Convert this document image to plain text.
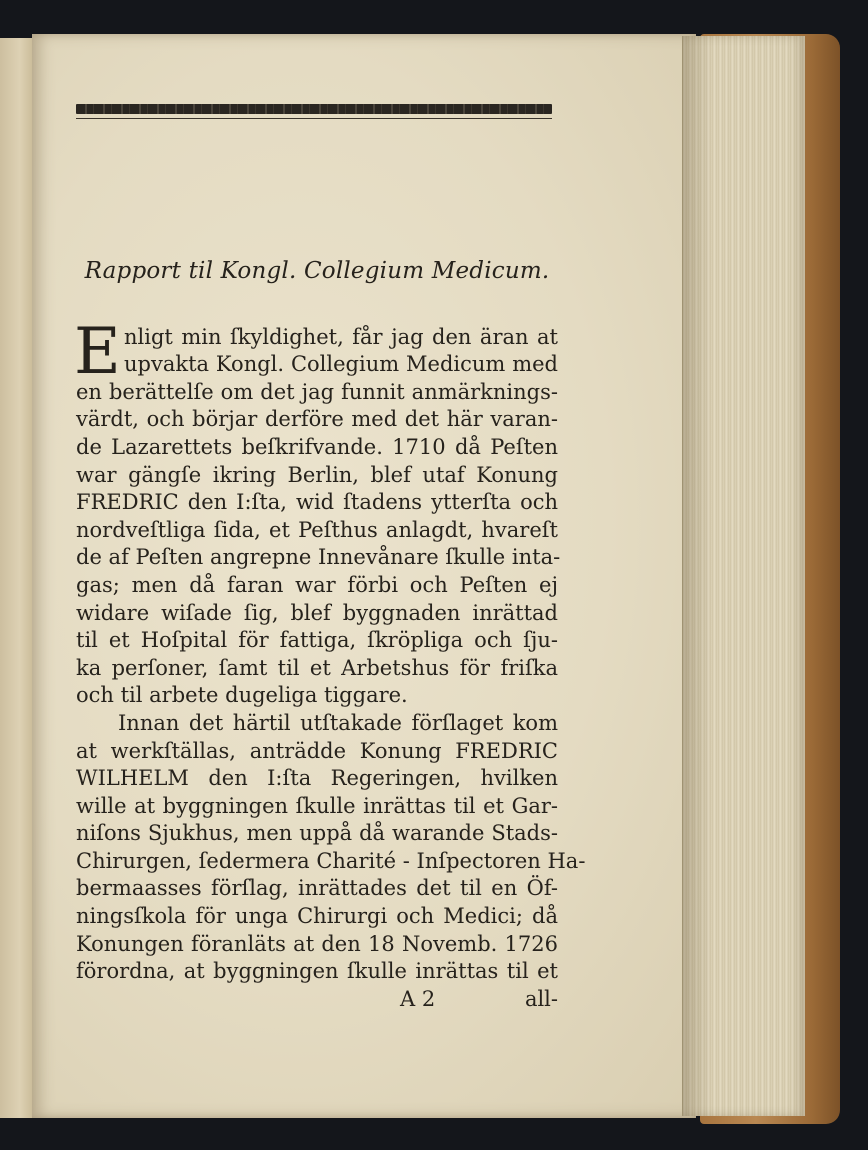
Rapport til Kongl. Collegium Medicum.
E nligt min ſkyldighet, får jag den äran at
upvakta Kongl. Collegium Medicum med
en berättelſe om det jag funnit anmärknings-
värdt, och börjar derföre med det här varan-
de Lazarettets beſkrifvande. 1710 då Peſten
war gängſe ikring Berlin, blef utaf Konung
FREDRIC den I:ſta, wid ſtadens ytterſta och
nordveſtliga ſida, et Peſthus anlagdt, hvareſt
de af Peſten angrepne Innevånare ſkulle inta-
gas; men då faran war förbi och Peſten ej
widare wiſade ſig, blef byggnaden inrättad
til et Hoſpital för fattiga, ſkröpliga och ſju-
ka perſoner, ſamt til et Arbetshus för friſka
och til arbete dugeliga tiggare.
Innan det härtil utſtakade förſlaget kom
at werkſtällas, anträdde Konung FREDRIC
WILHELM den I:ſta Regeringen, hvilken
wille at byggningen ſkulle inrättas til et Gar-
niſons Sjukhus, men uppå då warande Stads-
Chirurgen, ſedermera Charité - Inſpectoren Ha-
bermaasses förſlag, inrättades det til en Öf-
ningsſkola för unga Chirurgi och Medici; då
Konungen föranläts at den 18 Novemb. 1726
förordna, at byggningen ſkulle inrättas til et
A 2	all-
